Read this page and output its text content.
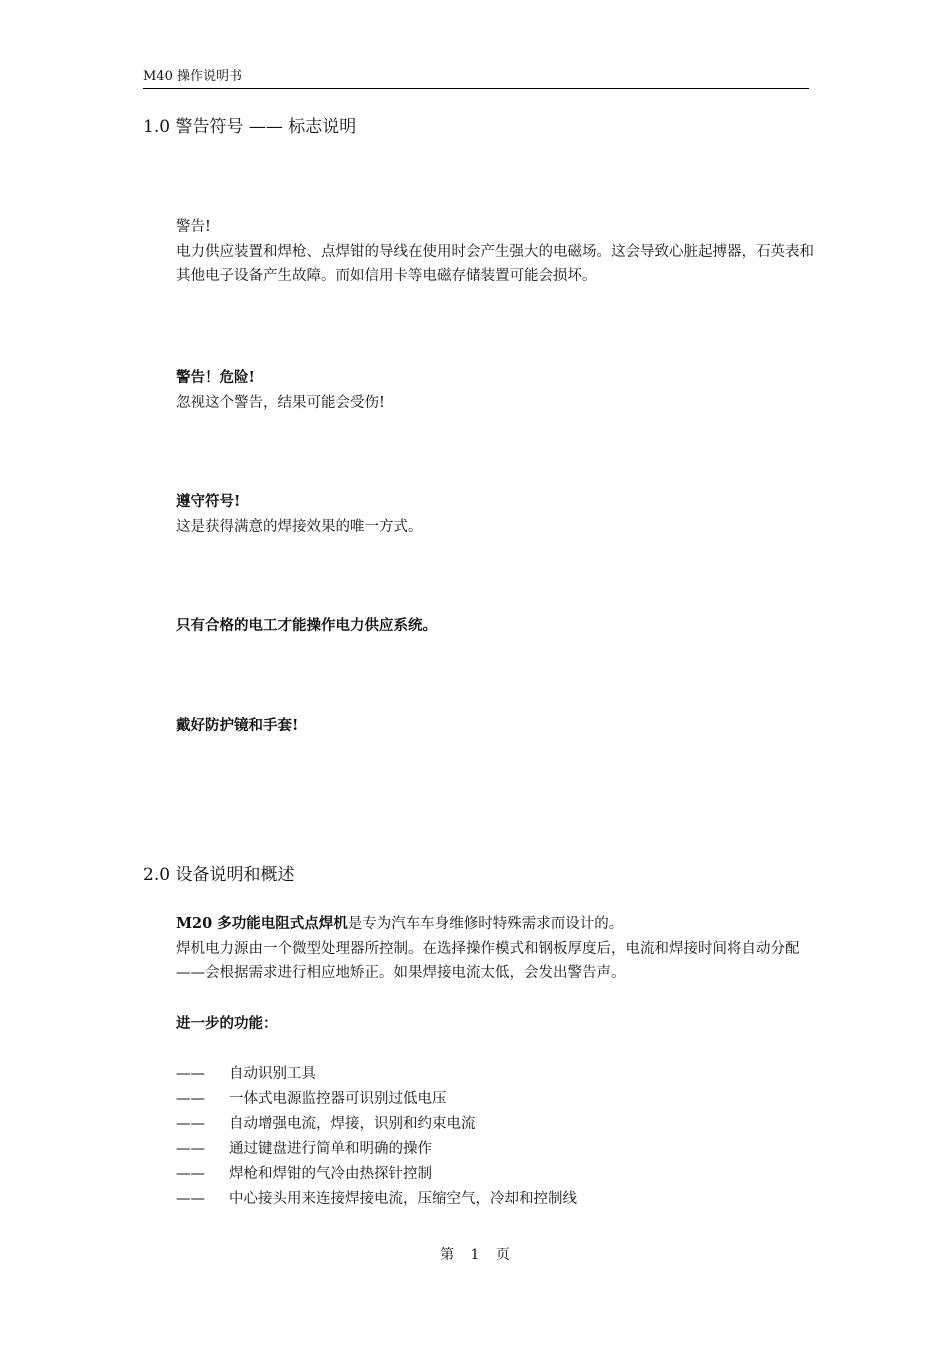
M40 操作说明书
1.0 警告符号 —— 标志说明
警告!
电力供应装置和焊枪、点焊钳的导线在使用时会产生强大的电磁场。这会导致心脏起搏器，石英表和其他电子设备产生故障。而如信用卡等电磁存储装置可能会损坏。
警告！危险!
忽视这个警告，结果可能会受伤!
遵守符号!
这是获得满意的焊接效果的唯一方式。
只有合格的电工才能操作电力供应系统。
戴好防护镜和手套!
2.0 设备说明和概述
M20 多功能电阻式点焊机是专为汽车车身维修时特殊需求而设计的。
焊机电力源由一个微型处理器所控制。在选择操作模式和钢板厚度后，电流和焊接时间将自动分配——会根据需求进行相应地矫正。如果焊接电流太低，会发出警告声。
进一步的功能：
——	自动识别工具
——	一体式电源监控器可识别过低电压
——	自动增强电流，焊接，识别和约束电流
——	通过键盘进行简单和明确的操作
——	焊枪和焊钳的气冷由热探针控制
——	中心接头用来连接焊接电流，压缩空气，冷却和控制线
第 1 页
